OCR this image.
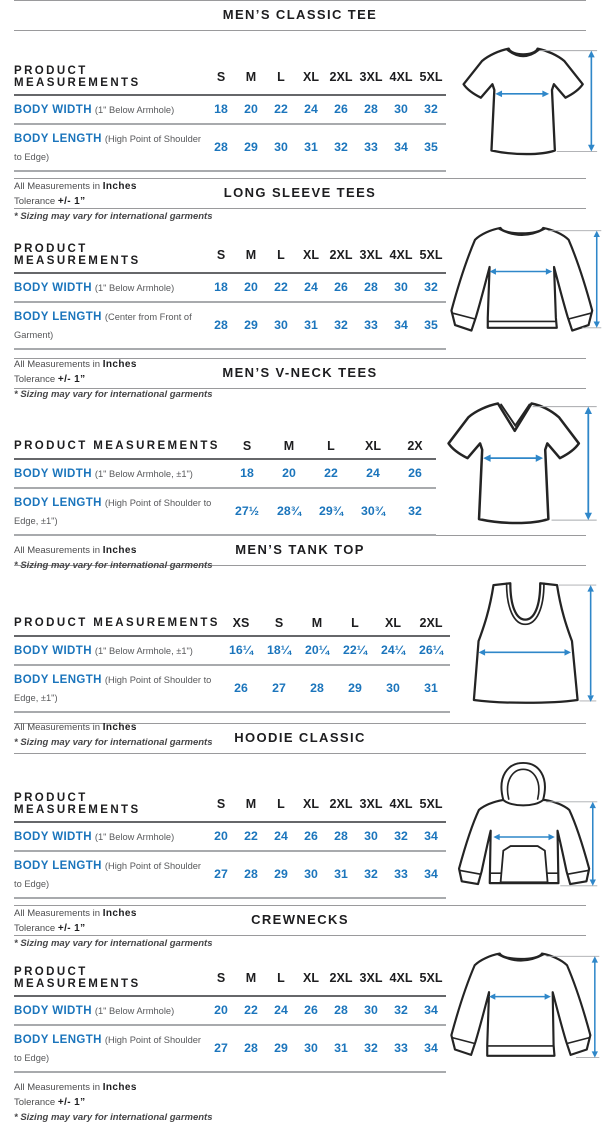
MEN’S CLASSIC TEE
PRODUCT MEASUREMENTS	S	M	L	XL	2XL	3XL	4XL	5XL
BODY WIDTH (1" Below Armhole)	18	20	22	24	26	28	30	32
BODY LENGTH (High Point of Shoulder to Edge)	28	29	30	31	32	33	34	35

All Measurements in Inches

Tolerance +/- 1”

* Sizing may vary for international garments

LONG SLEEVE TEES
PRODUCT MEASUREMENTS	S	M	L	XL	2XL	3XL	4XL	5XL
BODY WIDTH (1" Below Armhole)	18	20	22	24	26	28	30	32
BODY LENGTH (Center from Front of Garment)	28	29	30	31	32	33	34	35

All Measurements in Inches

Tolerance +/- 1”

* Sizing may vary for international garments

MEN’S V-NECK TEES
PRODUCT MEASUREMENTS	S	M	L	XL	2X
BODY WIDTH (1" Below Armhole, ±1")	18	20	22	24	26
BODY LENGTH (High Point of Shoulder to Edge, ±1")	27½	28¾	29¾	30¾	32

All Measurements in Inches

* Sizing may vary for international garments

MEN’S TANK TOP
PRODUCT MEASUREMENTS	XS	S	M	L	XL	2XL
BODY WIDTH (1" Below Armhole, ±1")	16¼	18¼	20¼	22¼	24¼	26¼
BODY LENGTH (High Point of Shoulder to Edge, ±1")	26	27	28	29	30	31

All Measurements in Inches

* Sizing may vary for international garments	HOODIE CLASSIC
PRODUCT MEASUREMENTS	S	M	L	XL	2XL	3XL	4XL	5XL
BODY WIDTH (1" Below Armhole)	20	22	24	26	28	30	32	34
BODY LENGTH (High Point of Shoulder to Edge)	27	28	29	30	31	32	33	34

All Measurements in Inches

Tolerance +/- 1”

* Sizing may vary for international garments

CREWNECKS
PRODUCT MEASUREMENTS	S	M	L	XL	2XL	3XL	4XL	5XL
BODY WIDTH (1" Below Armhole)	20	22	24	26	28	30	32	34
BODY LENGTH (High Point of Shoulder to Edge)	27	28	29	30	31	32	33	34

All Measurements in Inches

Tolerance +/- 1”

* Sizing may vary for international garments
